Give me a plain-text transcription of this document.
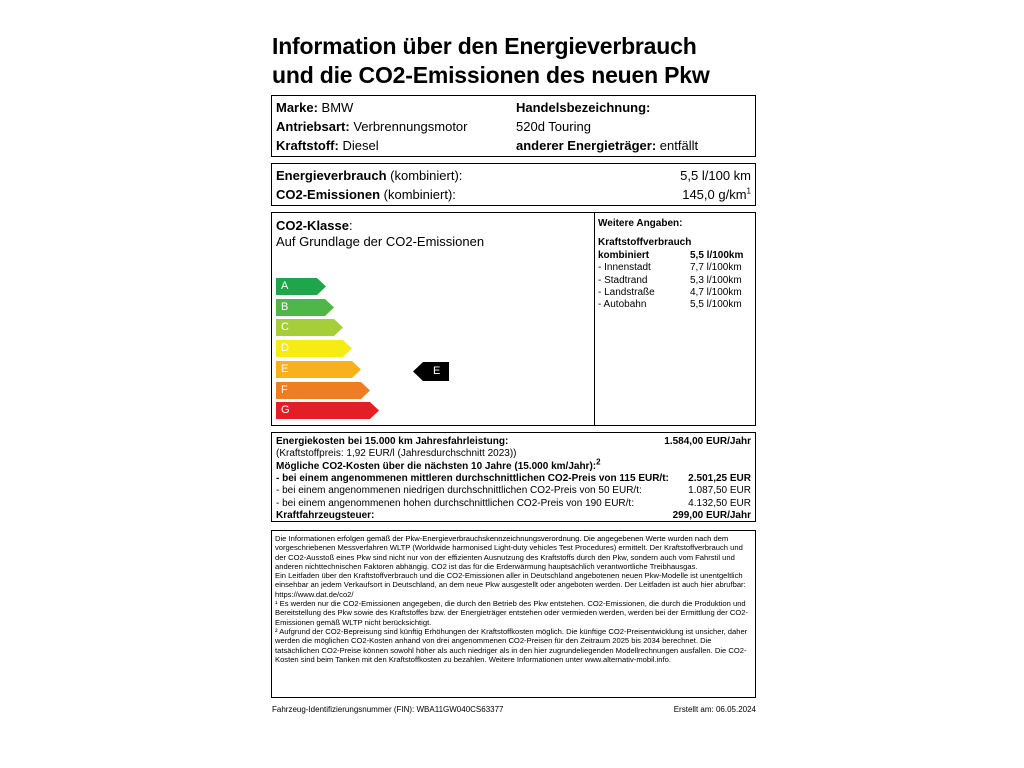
Information über den Energieverbrauch
und die CO2-Emissionen des neuen Pkw
Marke: BMW
Antriebsart: Verbrennungsmotor
Kraftstoff: Diesel
Handelsbezeichnung:
520d Touring
anderer Energieträger: entfällt
Energieverbrauch (kombiniert):	5,5 l/100 km
CO2-Emissionen (kombiniert):	145,0 $g/km^1$
CO2-Klasse:
Auf Grundlage der CO2-Emissionen
A
B
C
D
E
F
G
E
Weitere Angaben:
Kraftstoffverbrauch
kombiniert	5,5 l/100km
- Innenstadt	7,7 l/100km
- Stadtrand	5,3 l/100km
- Landstraße	4,7 l/100km
- Autobahn	5,5 l/100km
Energiekosten bei 15.000 km Jahresfahrleistung:	1.584,00 EUR/Jahr
(Kraftstoffpreis: 1,92 EUR/l (Jahresdurchschnitt 2023))
Mögliche CO2-Kosten über die nächsten 10 Jahre (15.000 km/Jahr):$^2$
- bei einem angenommenen mittleren durchschnittlichen CO2-Preis von 115 EUR/t: 2.501,25 EUR
- bei einem angenommenen niedrigen durchschnittlichen CO2-Preis von 50 EUR/t:	1.087,50 EUR
- bei einem angenommenen hohen durchschnittlichen CO2-Preis von 190 EUR/t:	4.132,50 EUR
Kraftfahrzeugsteuer:	299,00 EUR/Jahr

Die Informationen erfolgen gemäß der Pkw-Energieverbrauchskennzeichnungsverordnung. Die angegebenen Werte wurden nach dem vorgeschriebenen Messverfahren WLTP (Worldwide harmonised Light-duty vehicles Test Procedures) ermittelt. Der Kraftstoffverbrauch und der CO2-Ausstoß eines Pkw sind nicht nur von der effizienten Ausnutzung des Kraftstoffs durch den Pkw, sondern auch vom Fahrstil und anderen nichttechnischen Faktoren abhängig. CO2 ist das für die Erderwärmung hauptsächlich verantwortliche Treibhausgas.

Ein Leitfaden über den Kraftstoffverbrauch und die CO2-Emissionen aller in Deutschland angebotenen neuen Pkw-Modelle ist unentgeltlich einsehbar an jedem Verkaufsort in Deutschland, an dem neue Pkw ausgestellt oder angeboten werden. Der Leitfaden ist auch hier abrufbar: https://www.dat.de/co2/

¹ Es werden nur die CO2-Emissionen angegeben, die durch den Betrieb des Pkw entstehen. CO2-Emissionen, die durch die Produktion und Bereitstellung des Pkw sowie des Kraftstoffes bzw. der Energieträger entstehen oder vermieden werden, werden bei der Ermittlung der CO2-Emissionen gemäß WLTP nicht berücksichtigt.

² Aufgrund der CO2-Bepreisung sind künftig Erhöhungen der Kraftstoffkosten möglich. Die künftige CO2-Preisentwicklung ist unsicher, daher werden die möglichen CO2-Kosten anhand von drei angenommenen CO2-Preisen für den Zeitraum 2025 bis 2034 berechnet. Die tatsächlichen CO2-Preise können sowohl höher als auch niedriger als in den hier zugrundeliegenden Modellrechnungen ausfallen. Die CO2-Kosten sind beim Tanken mit den Kraftstoffkosten zu bezahlen. Weitere Informationen unter www.alternativ-mobil.info.

Fahrzeug-Identifizierungsnummer (FIN): WBA11GW040CS63377	Erstellt am: 06.05.2024
